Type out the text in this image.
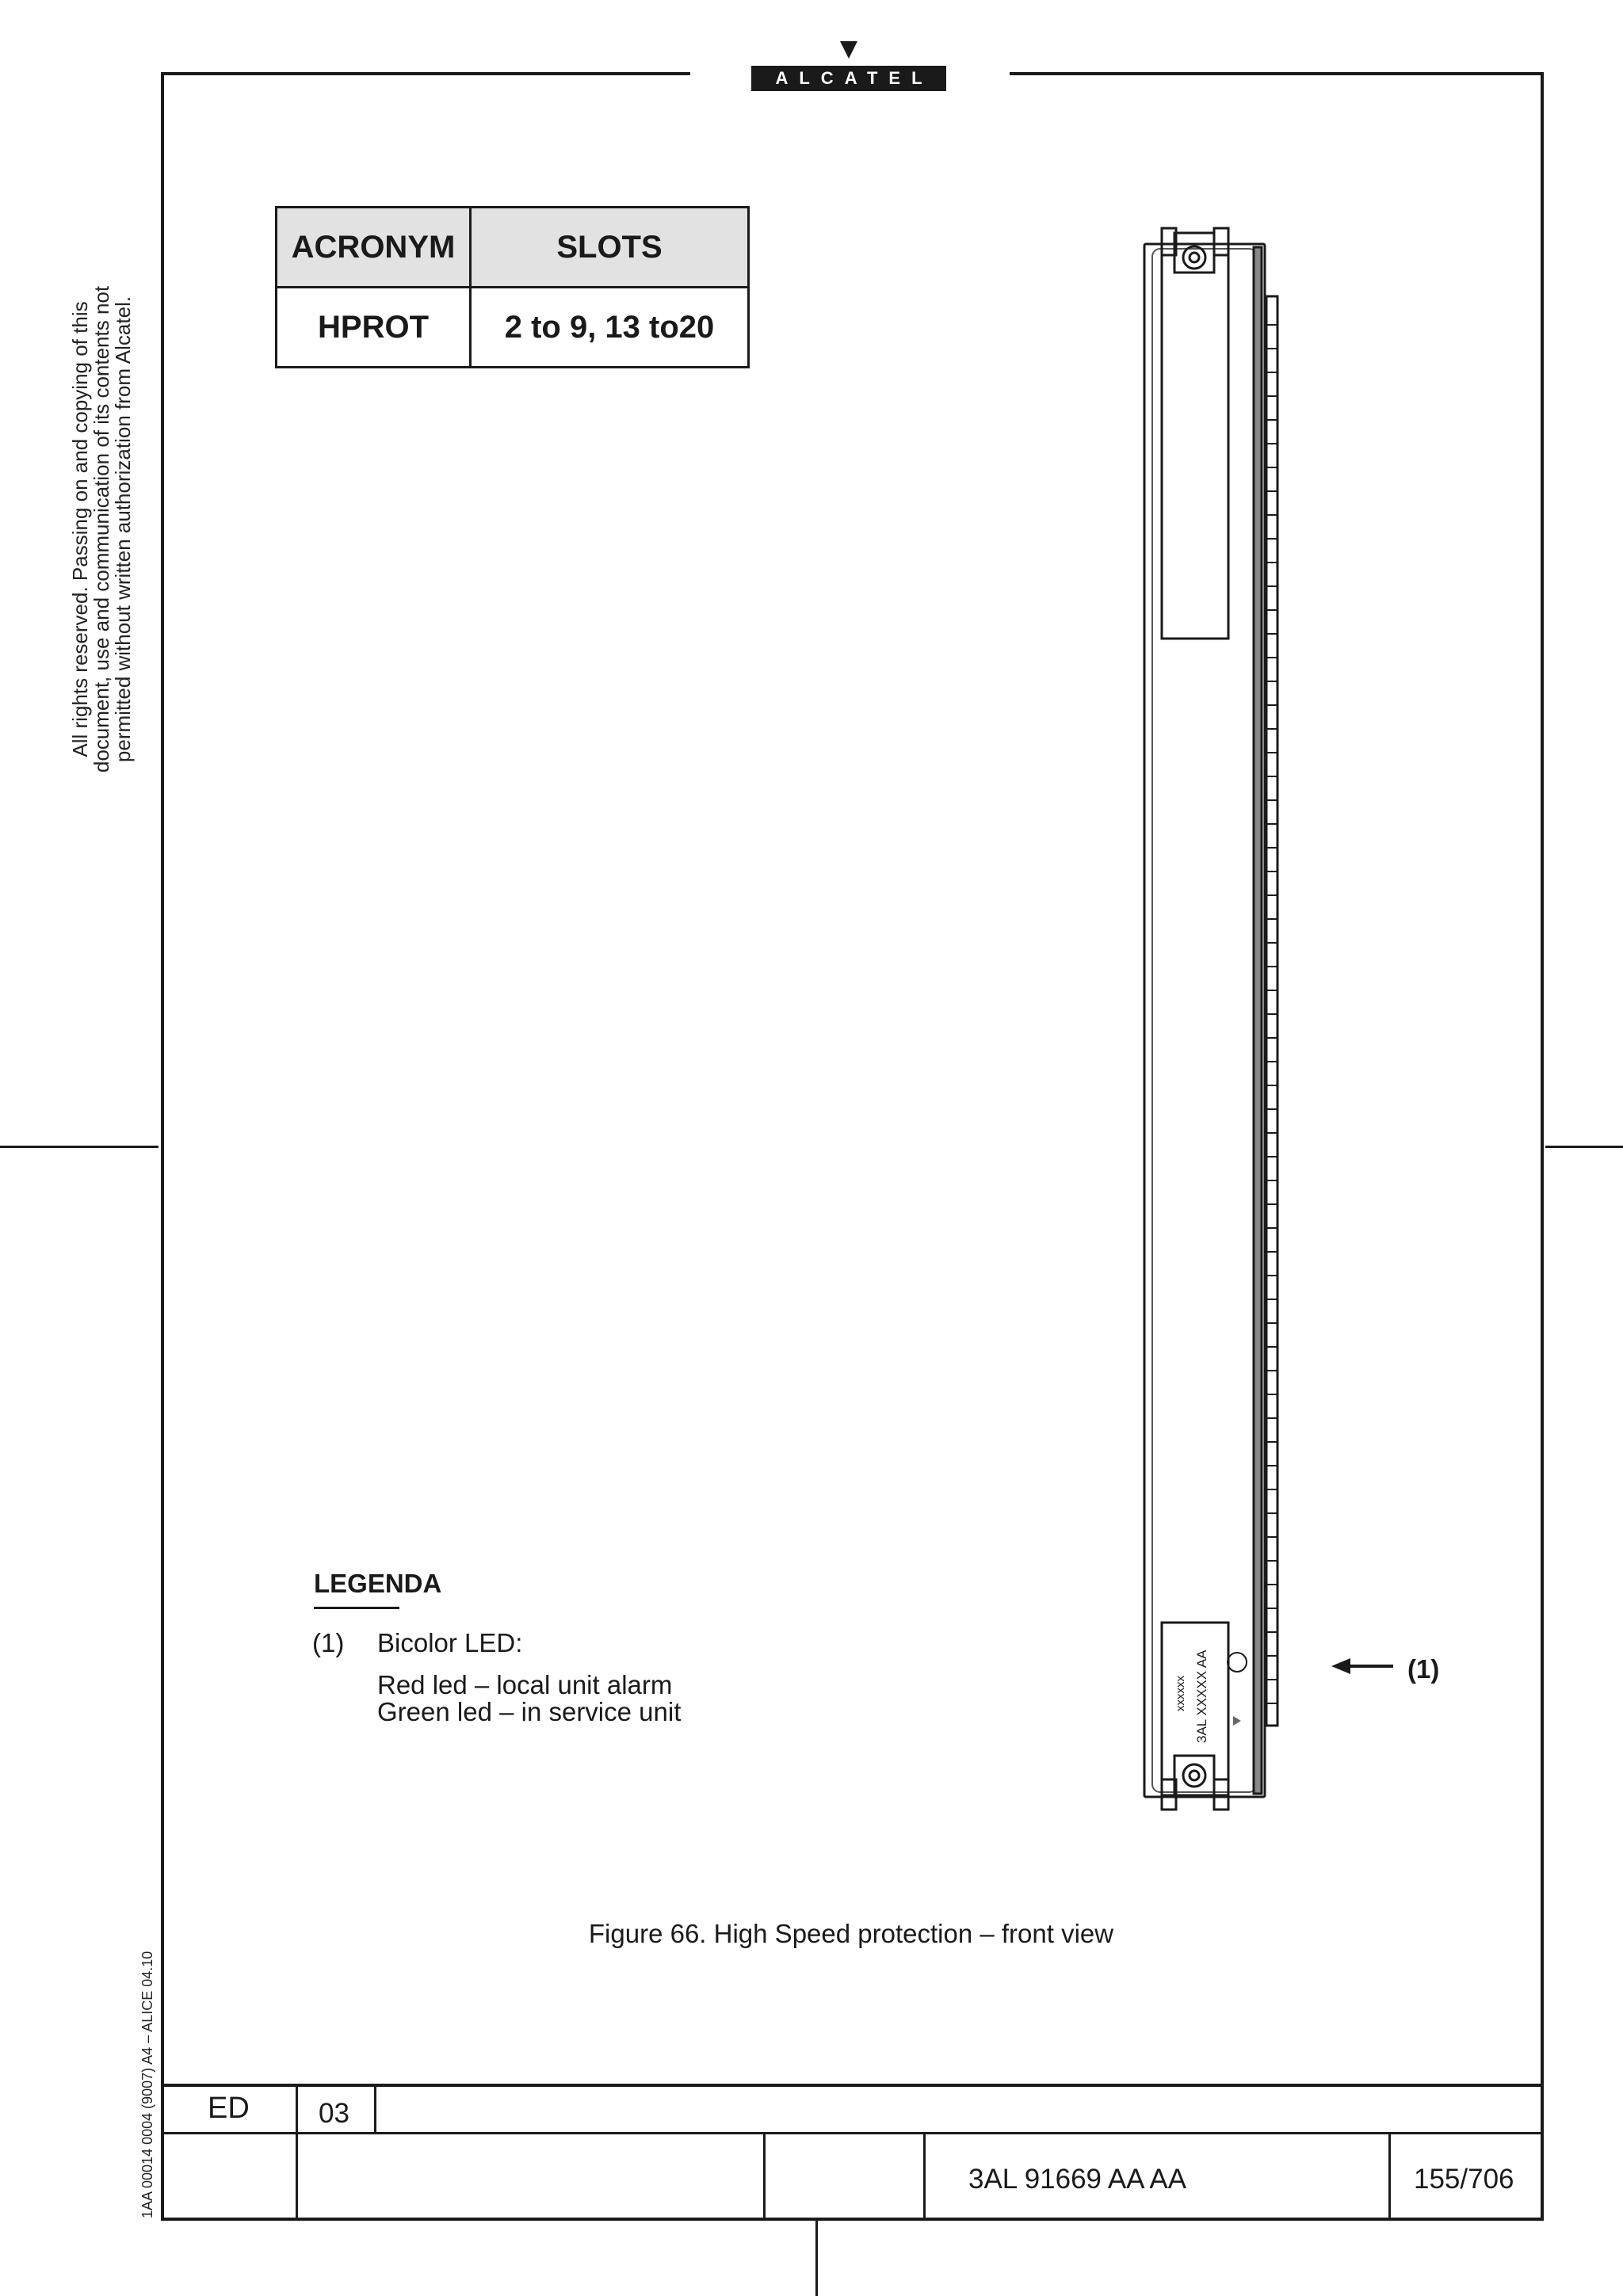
ALCATEL
All rights reserved. Passing on and copying of this document, use and communication of its contents not permitted without written authorization from Alcatel.
1AA 00014 0004 (9007) A4 – ALICE 04.10
ACRONYM	SLOTS
HPROT	2 to 9, 13 to20
3AL XXXXX AA
xxxxxx
(1)
LEGENDA
(1) Bicolor LED:
Red led – local unit alarm
Green led – in service unit
Figure 66. High Speed protection – front view
ED 03
3AL 91669 AA AA	155/706
